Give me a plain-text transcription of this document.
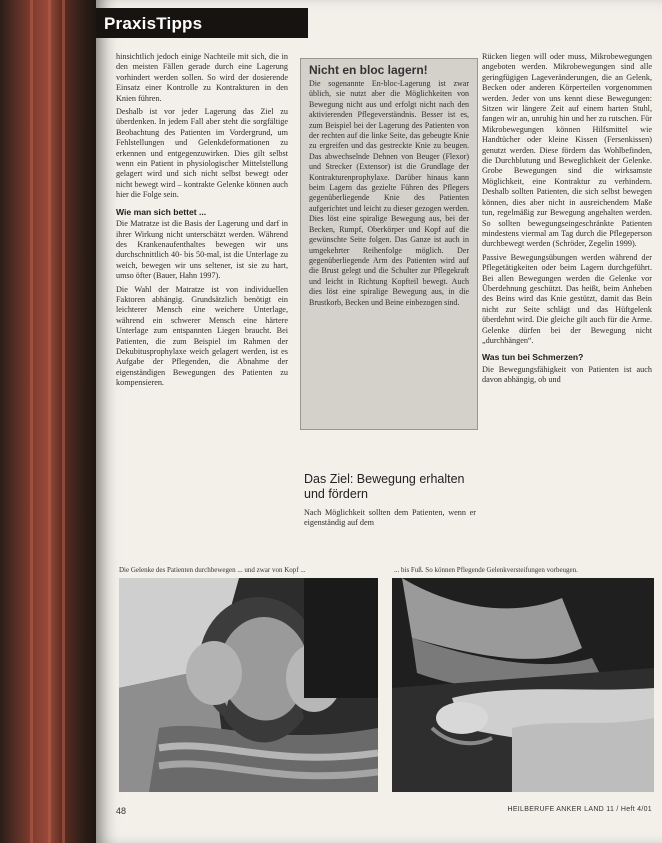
PraxisTipps

hinsichtlich jedoch einige Nachteile mit sich, die in den meisten Fällen gerade durch eine Lagerung vorhindert werden sollen. So wird der dosierende Einsatz einer Kontrolle zu Kontrakturen in den Knien führen.

Deshalb ist vor jeder Lagerung das Ziel zu überdenken. In jedem Fall aber steht die sorgfältige Beobachtung des Patienten im Vordergrund, um Fehlstellungen und Gelenkdeformationen zu erkennen und entgegenzuwirken. Dies gilt selbst wenn ein Patient in physiologischer Mittelstellung gelagert wird und sich nicht selbst bewegt oder nicht bewegt wird – kontrakte Gelenke können auch hier die Folge sein.

Wie man sich bettet ...

Die Matratze ist die Basis der Lagerung und darf in ihrer Wirkung nicht unterschätzt werden. Während des Krankenaufenthaltes bewegen wir uns durchschnittlich 40- bis 50-mal, ist die Unterlage zu weich, bewegen wir uns seltener, ist sie zu hart, umso öfter (Bauer, Hahn 1997).

Die Wahl der Matratze ist von individuellen Faktoren abhängig. Grundsätzlich benötigt ein leichterer Mensch eine weichere Unterlage, während ein schwerer Mensch eine härtere Unterlage zum entspannten Liegen braucht. Bei Patienten, die zum Beispiel im Rahmen der Dekubitusprophylaxe weich gelagert werden, ist es Aufgabe der Pflegenden, die Abnahme der eigenständigen Bewegungen des Patienten zu kompensieren.

Nicht en bloc lagern!

Die sogenannte En-bloc-Lagerung ist zwar üblich, sie nutzt aber die Möglichkeiten von Bewegung nicht aus und erfolgt nicht nach den aktivierenden Pflegeverständnis. Besser ist es, zum Beispiel bei der Lagerung des Patienten von der rechten auf die linke Seite, das gebeugte Knie zu ergreifen und das gestreckte Knie zu beugen. Das abwechselnde Dehnen von Beuger (Flexor) und Strecker (Extensor) ist die Grundlage der Kontrakturenprophylaxe. Darüber hinaus kann beim Lagern das gezielte Führen des Pflegers gegenüberliegende Knie des Patienten aufgerichtet und leicht zu dieser gezogen werden. Dies löst eine spiralige Bewegung aus, bei der Becken, Rumpf, Oberkörper und Kopf auf die gewünschte Seite folgen. Das Ganze ist auch in umgekehrter Reihenfolge möglich. Der gegenüberliegende Arm des Patienten wird auf die Brust gelegt und die Schulter zur Pflegekraft und leicht in Richtung Kopfteil bewegt. Auch dies löst eine spiralige Bewegung aus, in die Brustkorb, Becken und Beine einbezogen sind.

Das Ziel: Bewegung erhalten und fördern
Nach Möglichkeit sollten dem Patienten, wenn er eigenständig auf dem

Rücken liegen will oder muss, Mikrobewegungen angeboten werden. Mikrobewegungen sind alle geringfügigen Lageveränderungen, die an Gelenk, Becken oder anderen Körperteilen vorgenommen werden. Jeder von uns kennt diese Bewegungen: Sitzen wir längere Zeit auf einem harten Stuhl, fangen wir an, unruhig hin und her zu rutschen. Für Mikrobewegungen können Hilfsmittel wie Handtücher oder kleine Kissen (Fersenkissen) genutzt werden. Diese fördern das Wohlbefinden, die Durchblutung und Beweglichkeit der Gelenke. Grobe Bewegungen sind die wirksamste Möglichkeit, eine Kontraktur zu verhindern. Deshalb sollten Patienten, die sich selbst bewegen können, dies aber nicht in ausreichendem Maße tun, regelmäßig zur Bewegung angehalten werden. So sollten bewegungseingeschränkte Patienten mindestens viermal am Tag durch die Pflegeperson durchbewegt werden (Schröder, Zegelin 1999).

Passive Bewegungsübungen werden während der Pflegetätigkeiten oder beim Lagern durchgeführt. Bei allen Bewegungen werden die Gelenke vor Überdehnung geschützt. Das heißt, beim Anheben des Beins wird das Knie gestützt, damit das Bein nicht zur Seite schlägt und das Hüftgelenk überdehnt wird. Die gleiche gilt auch für die Arme. Gelenke dürfen bei der Bewegung nicht „durchhängen“.

Was tun bei Schmerzen?

Die Bewegungsfähigkeit von Patienten ist auch davon abhängig, ob und

Die Gelenke des Patienten durchbewegen ... und zwar von Kopf ...	... bis Fuß. So können Pflegende Gelenkversteifungen vorbeugen.
48	HEILBERUFE ANKER LAND 11 / Heft 4/01
